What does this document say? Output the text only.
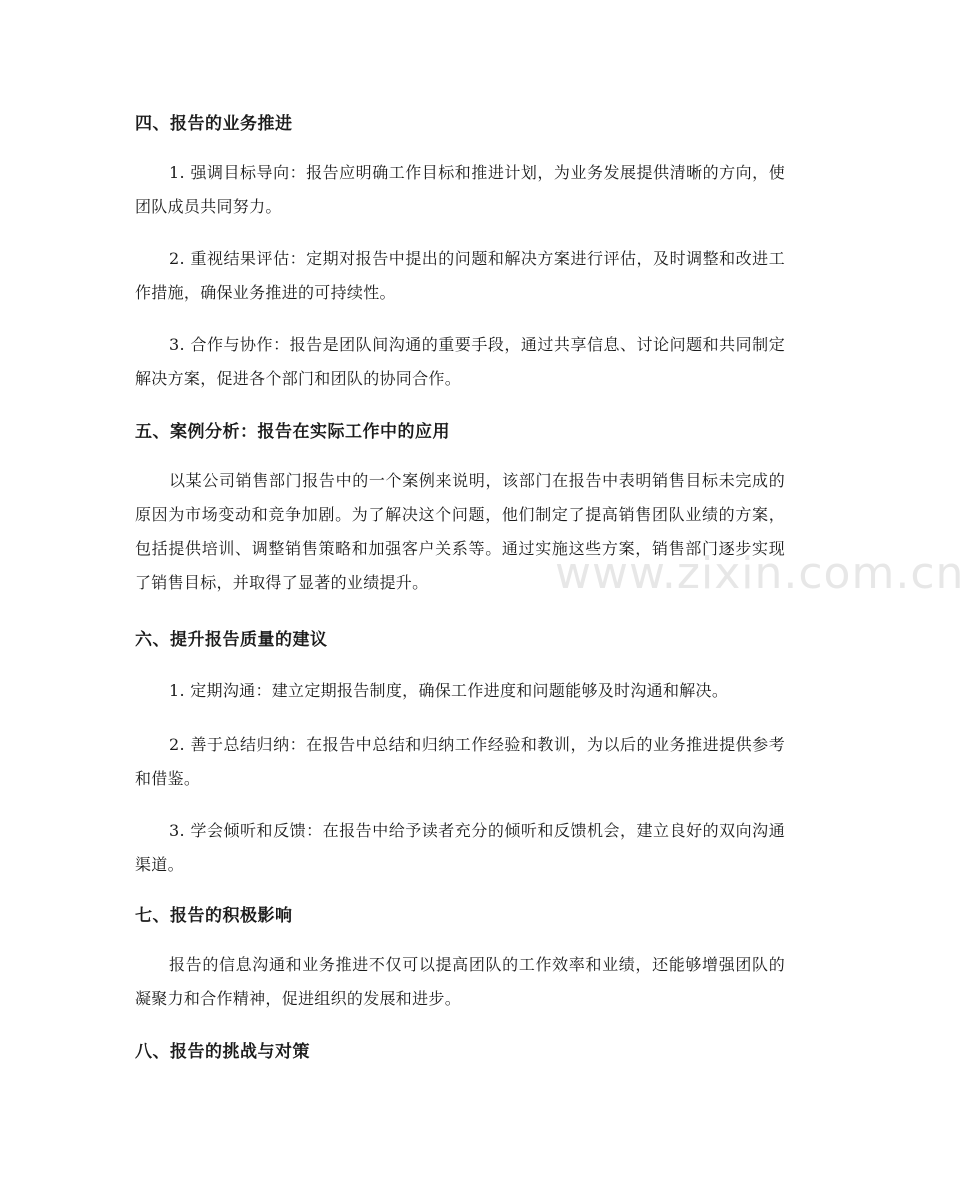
四、报告的业务推进
1. 强调目标导向：报告应明确工作目标和推进计划，为业务发展提供清晰的方向，使团队成员共同努力。
2. 重视结果评估：定期对报告中提出的问题和解决方案进行评估，及时调整和改进工作措施，确保业务推进的可持续性。
3. 合作与协作：报告是团队间沟通的重要手段，通过共享信息、讨论问题和共同制定解决方案，促进各个部门和团队的协同合作。
五、案例分析：报告在实际工作中的应用
以某公司销售部门报告中的一个案例来说明，该部门在报告中表明销售目标未完成的原因为市场变动和竞争加剧。为了解决这个问题，他们制定了提高销售团队业绩的方案，包括提供培训、调整销售策略和加强客户关系等。通过实施这些方案，销售部门逐步实现了销售目标，并取得了显著的业绩提升。
六、提升报告质量的建议
1. 定期沟通：建立定期报告制度，确保工作进度和问题能够及时沟通和解决。
2. 善于总结归纳：在报告中总结和归纳工作经验和教训，为以后的业务推进提供参考和借鉴。
3. 学会倾听和反馈：在报告中给予读者充分的倾听和反馈机会，建立良好的双向沟通渠道。
七、报告的积极影响
报告的信息沟通和业务推进不仅可以提高团队的工作效率和业绩，还能够增强团队的凝聚力和合作精神，促进组织的发展和进步。
八、报告的挑战与对策
www.zixin.com.cn
